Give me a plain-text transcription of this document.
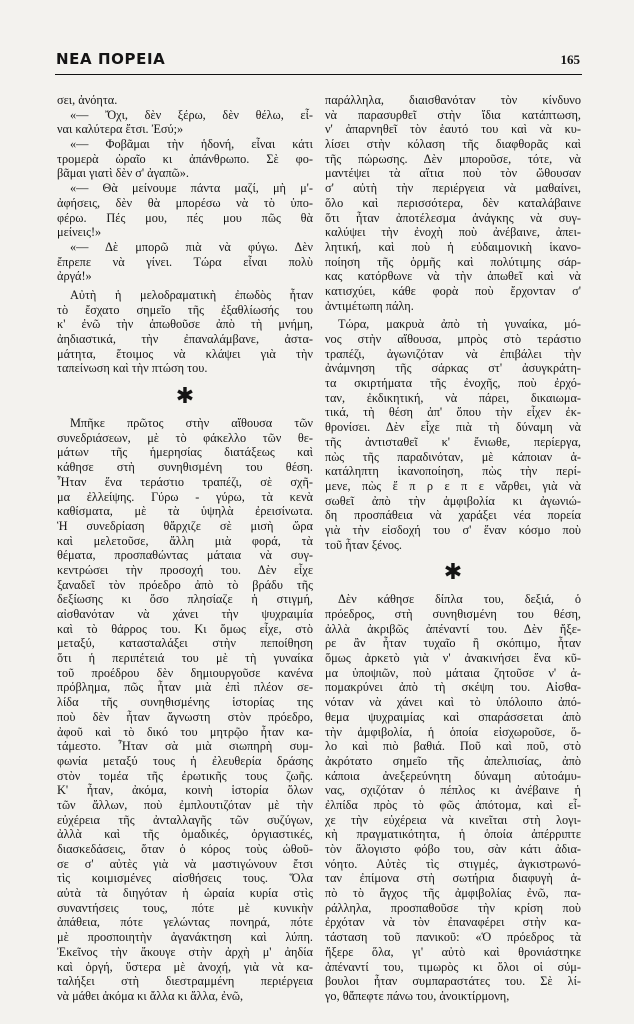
ΝΕΑ ΠΟΡΕΙΑ	165
σει, ἀνόητα.
«— Ὄχι, δὲν ξέρω, δὲν θέλω, εἶ-
ναι καλύτερα ἔτσι. Ἐσύ;»
«— Φοβᾶμαι τὴν ἡδονή, εἶναι κάτι
τρομερὰ ὡραῖο κι ἀπάνθρωπο. Σὲ φο-
βᾶμαι γιατὶ δὲν σ' ἀγαπῶ».
«— Θὰ μείνουμε πάντα μαζί, μὴ μ'-
ἀφήσεις, δὲν θὰ μπορέσω νὰ τὸ ὑπο-
φέρω. Πές μου, πές μου πῶς θὰ
μείνεις!»
«— Δὲ μπορῶ πιὰ νὰ φύγω. Δὲν
ἔπρεπε νὰ γίνει. Τώρα εἶναι πολὺ
ἀργά!»
Αὐτὴ ἡ μελοδραματικὴ ἐπωδὸς ἦταν
τὸ ἔσχατο σημεῖο τῆς ἐξαθλίωσής του
κ' ἐνῶ τὴν ἀπωθοῦσε ἀπὸ τὴ μνήμη,
ἀηδιαστικά, τὴν ἐπαναλάμβανε, ἀστα-
μάτητα, ἕτοιμος νὰ κλάψει γιὰ τὴν
ταπείνωση καὶ τὴν πτώση του.
✱
Μπῆκε πρῶτος στὴν αἴθουσα τῶν
συνεδριάσεων, μὲ τὸ φάκελλο τῶν θε-
μάτων τῆς ἡμερησίας διατάξεως καὶ
κάθησε στὴ συνηθισμένη του θέση.
Ἦταν ἕνα τεράστιο τραπέζι, σὲ σχῆ-
μα ἐλλείψης. Γύρω - γύρω, τὰ κενὰ
καθίσματα, μὲ τὰ ὑψηλὰ ἐρεισίνωτα.
Ἡ συνεδρίαση θἄρχιζε σὲ μισὴ ὥρα
καὶ μελετοῦσε, ἄλλη μιὰ φορά, τὰ
θέματα, προσπαθώντας μάταια νὰ συγ-
κεντρώσει τὴν προσοχή του. Δὲν εἶχε
ξαναδεῖ τὸν πρόεδρο ἀπὸ τὸ βράδυ τῆς
δεξίωσης κι ὅσο πλησίαζε ἡ στιγμή,
αἰσθανόταν νὰ χάνει τὴν ψυχραιμία
καὶ τὸ θάρρος του. Κι ὅμως εἶχε, στὸ
μεταξύ, κατασταλάξει στὴν πεποίθηση
ὅτι ἡ περιπέτειά του μὲ τὴ γυναίκα
τοῦ προέδρου δὲν δημιουργοῦσε κανένα
πρόβλημα, πῶς ἦταν μιὰ ἐπὶ πλέον σε-
λίδα τῆς συνηθισμένης ἱστορίας της
ποὺ δὲν ἦταν ἄγνωστη στὸν πρόεδρο,
ἀφοῦ καὶ τὸ δικό του μητρῷο ἦταν κα-
τάμεστο. Ἦταν σὰ μιὰ σιωπηρὴ συμ-
φωνία μεταξύ τους ἡ ἐλευθερία δράσης
στὸν τομέα τῆς ἐρωτικῆς τους ζωῆς.
Κ' ἦταν, ἀκόμα, κοινὴ ἱστορία ὅλων
τῶν ἄλλων, ποὺ ἐμπλουτιζόταν μὲ τὴν
εὐχέρεια τῆς ἀνταλλαγῆς τῶν συζύγων,
ἀλλὰ καὶ τῆς ὁμαδικές, ὀργιαστικές,
διασκεδάσεις, ὅταν ὁ κόρος τοὺς ὠθοῦ-
σε σ' αὐτὲς γιὰ νὰ μαστιγώνουν ἔτσι
τὶς κοιμισμένες αἰσθήσεις τους. Ὅλα
αὐτὰ τὰ διηγόταν ἡ ὡραία κυρία στὶς
συναντήσεις τους, πότε μὲ κυνικὴν
ἀπάθεια, πότε γελώντας πονηρά, πότε
μὲ προσποιητὴν ἀγανάκτηση καὶ λύπη.
Ἐκεῖνος τὴν ἄκουγε στὴν ἀρχὴ μ' ἀηδία
καὶ ὀργή, ὕστερα μὲ ἀνοχή, γιὰ νὰ κα-
ταλήξει στὴ διεστραμμένη περιέργεια
νὰ μάθει ἀκόμα κι ἄλλα κι ἄλλα, ἐνῶ,
παράλληλα, διαισθανόταν τὸν κίνδυνο
νὰ παρασυρθεῖ στὴν ἴδια κατάπτωση,
ν' ἀπαρνηθεῖ τὸν ἑαυτό του καὶ νὰ κυ-
λίσει στὴν κόλαση τῆς διαφθορᾶς καὶ
τῆς πώρωσης. Δὲν μποροῦσε, τότε, νὰ
μαντέψει τὰ αἴτια ποὺ τὸν ὤθουσαν
σ' αὐτὴ τὴν περιέργεια νὰ μαθαίνει,
ὅλο καὶ περισσότερα, δὲν καταλάβαινε
ὅτι ἦταν ἀποτέλεσμα ἀνάγκης νὰ συγ-
καλύψει τὴν ἐνοχὴ ποὺ ἀνέβαινε, ἀπει-
λητική, καὶ ποὺ ἡ εὐδαιμονικὴ ἱκανο-
ποίηση τῆς ὁρμῆς καὶ πολύτιμης σάρ-
κας κατόρθωνε νὰ τὴν ἀπωθεῖ καὶ νὰ
κατισχύει, κάθε φορὰ ποὺ ἔρχονταν σ'
ἀντιμέτωπη πάλη.
Τώρα, μακρυὰ ἀπὸ τὴ γυναίκα, μό-
νος στὴν αἴθουσα, μπρὸς στὸ τεράστιο
τραπέζι, ἀγωνιζόταν νὰ ἐπιβάλει τὴν
ἀνάμνηση τῆς σάρκας στ' ἀσυγκράτη-
τα σκιρτήματα τῆς ἐνοχῆς, ποὺ ἐρχό-
ταν, ἐκδικητική, νὰ πάρει, δικαιωμα-
τικά, τὴ θέση ἀπ' ὅπου τὴν εἶχεν ἐκ-
θρονίσει. Δὲν εἶχε πιὰ τὴ δύναμη νὰ
τῆς ἀντισταθεῖ κ' ἔνιωθε, περίεργα,
πὼς τῆς παραδινόταν, μὲ κάποιαν ἀ-
κατάληπτη ἱκανοποίηση, πὼς τὴν περί-
μενε, πὼς ἔ π ρ ε π ε νἄρθει, γιὰ νὰ
σωθεῖ ἀπὸ τὴν ἀμφιβολία κι ἀγωνιώ-
δη προσπάθεια νὰ χαράξει νέα πορεία
γιὰ τὴν εἰσδοχή του σ' ἕναν κόσμο ποὺ
τοῦ ἦταν ξένος.
✱
Δὲν κάθησε δίπλα του, δεξιά, ὁ
πρόεδρος, στὴ συνηθισμένη του θέση,
ἀλλὰ ἀκριβῶς ἀπέναντί του. Δὲν ἤξε-
ρε ἂν ἦταν τυχαῖο ἢ σκόπιμο, ἦταν
ὅμως ἀρκετὸ γιὰ ν' ἀνακινήσει ἕνα κῦ-
μα ὑποψιῶν, ποὺ μάταια ζητοῦσε ν' ἀ-
πομακρύνει ἀπὸ τὴ σκέψη του. Αἰσθα-
νόταν νὰ χάνει καὶ τὸ ὑπόλοιπο ἀπό-
θεμα ψυχραιμίας καὶ σπαράσσεται ἀπὸ
τὴν ἀμφιβολία, ἡ ὁποία εἰσχωροῦσε, ὅ-
λο καὶ πιὸ βαθιά. Ποῦ καὶ ποῦ, στὸ
ἀκρότατο σημεῖο τῆς ἀπελπισίας, ἀπὸ
κάποια ἀνεξερεύνητη δύναμη αὐτοάμυ-
νας, σχιζόταν ὁ πέπλος κι ἀνέβαινε ἡ
ἐλπίδα πρὸς τὸ φῶς ἀπότομα, καὶ εἶ-
χε τὴν εὐχέρεια νὰ κινεῖται στὴ λογι-
κὴ πραγματικότητα, ἡ ὁποία ἀπέρριπτε
τὸν ἄλογιστο φόβο του, σὰν κάτι ἀδια-
νόητο. Αὐτὲς τὶς στιγμές, ἀγκιστρωνό-
ταν ἐπίμονα στὴ σωτήρια διαφυγὴ ἀ-
πὸ τὸ ἄγχος τῆς ἀμφιβολίας ἐνῶ, πα-
ράλληλα, προσπαθοῦσε τὴν κρίση ποὺ
ἐρχόταν νὰ τὸν ἐπαναφέρει στὴν κα-
τάσταση τοῦ πανικοῦ: «Ὁ πρόεδρος τὰ
ἤξερε ὅλα, γι' αὐτὸ καὶ θρονιάστηκε
ἀπέναντί του, τιμωρὸς κι ὅλοι οἱ σύμ-
βουλοι ἦταν συμπαραστάτες του. Σὲ λί-
γο, θἄπεφτε πάνω του, ἀνοικτίρμονη,
